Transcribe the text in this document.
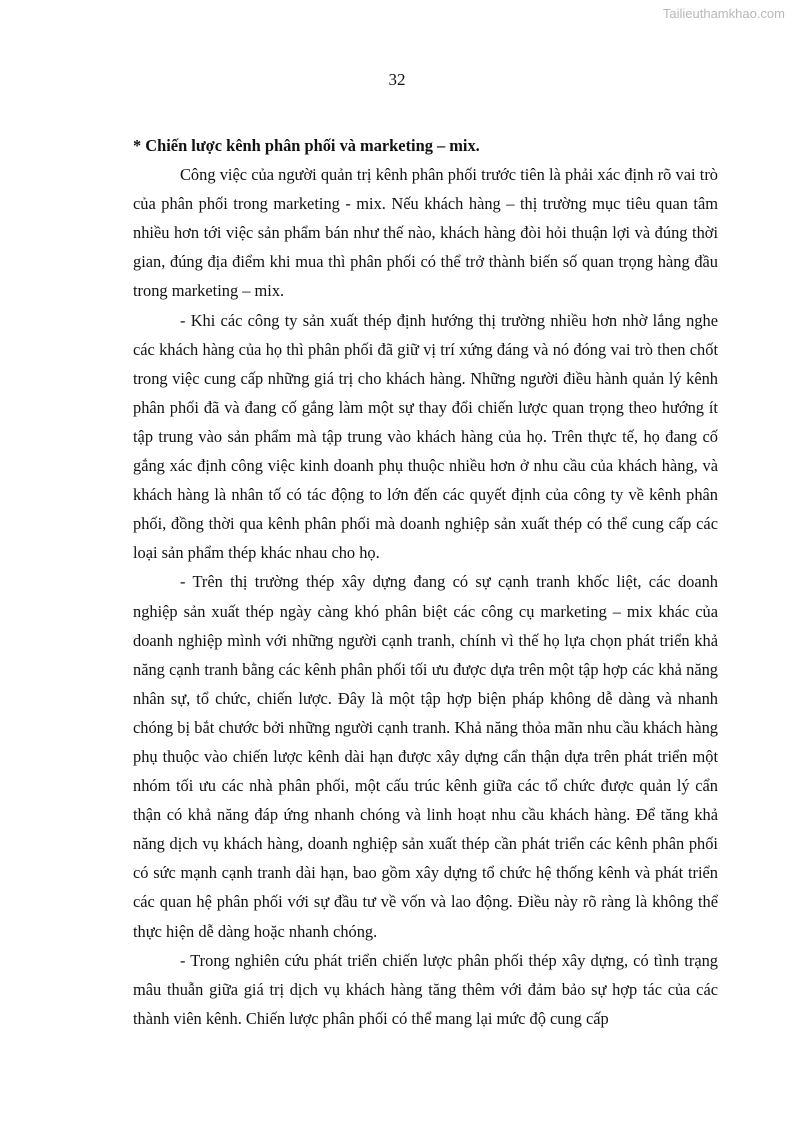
Tailieuthamkhao.com
32

* Chiến lược kênh phân phối và marketing – mix.

Công việc của người quản trị kênh phân phối trước tiên là phải xác định rõ vai trò của phân phối trong marketing - mix. Nếu khách hàng – thị trường mục tiêu quan tâm nhiều hơn tới việc sản phẩm bán như thế nào, khách hàng đòi hỏi thuận lợi và đúng thời gian, đúng địa điểm khi mua thì phân phối có thể trở thành biến số quan trọng hàng đầu trong marketing – mix.

- Khi các công ty sản xuất thép định hướng thị trường nhiều hơn nhờ lắng nghe các khách hàng của họ thì phân phối đã giữ vị trí xứng đáng và nó đóng vai trò then chốt trong việc cung cấp những giá trị cho khách hàng. Những người điều hành quản lý kênh phân phối đã và đang cố gắng làm một sự thay đổi chiến lược quan trọng theo hướng ít tập trung vào sản phẩm mà tập trung vào khách hàng của họ. Trên thực tế, họ đang cố gắng xác định công việc kinh doanh phụ thuộc nhiều hơn ở nhu cầu của khách hàng, và khách hàng là nhân tố có tác động to lớn đến các quyết định của công ty về kênh phân phối, đồng thời qua kênh phân phối mà doanh nghiệp sản xuất thép có thể cung cấp các loại sản phẩm thép khác nhau cho họ.

- Trên thị trường thép xây dựng đang có sự cạnh tranh khốc liệt, các doanh nghiệp sản xuất thép ngày càng khó phân biệt các công cụ marketing – mix khác của doanh nghiệp mình với những người cạnh tranh, chính vì thế họ lựa chọn phát triển khả năng cạnh tranh bằng các kênh phân phối tối ưu được dựa trên một tập hợp các khả năng nhân sự, tổ chức, chiến lược. Đây là một tập hợp biện pháp không dễ dàng và nhanh chóng bị bắt chước bởi những người cạnh tranh. Khả năng thỏa mãn nhu cầu khách hàng phụ thuộc vào chiến lược kênh dài hạn được xây dựng cẩn thận dựa trên phát triển một nhóm tối ưu các nhà phân phối, một cấu trúc kênh giữa các tổ chức được quản lý cẩn thận có khả năng đáp ứng nhanh chóng và linh hoạt nhu cầu khách hàng. Để tăng khả năng dịch vụ khách hàng, doanh nghiệp sản xuất thép cần phát triển các kênh phân phối có sức mạnh cạnh tranh dài hạn, bao gồm xây dựng tổ chức hệ thống kênh và phát triển các quan hệ phân phối với sự đầu tư về vốn và lao động. Điều này rõ ràng là không thể thực hiện dễ dàng hoặc nhanh chóng.

- Trong nghiên cứu phát triển chiến lược phân phối thép xây dựng, có tình trạng mâu thuẫn giữa giá trị dịch vụ khách hàng tăng thêm với đảm bảo sự hợp tác của các thành viên kênh. Chiến lược phân phối có thể mang lại mức độ cung cấp
